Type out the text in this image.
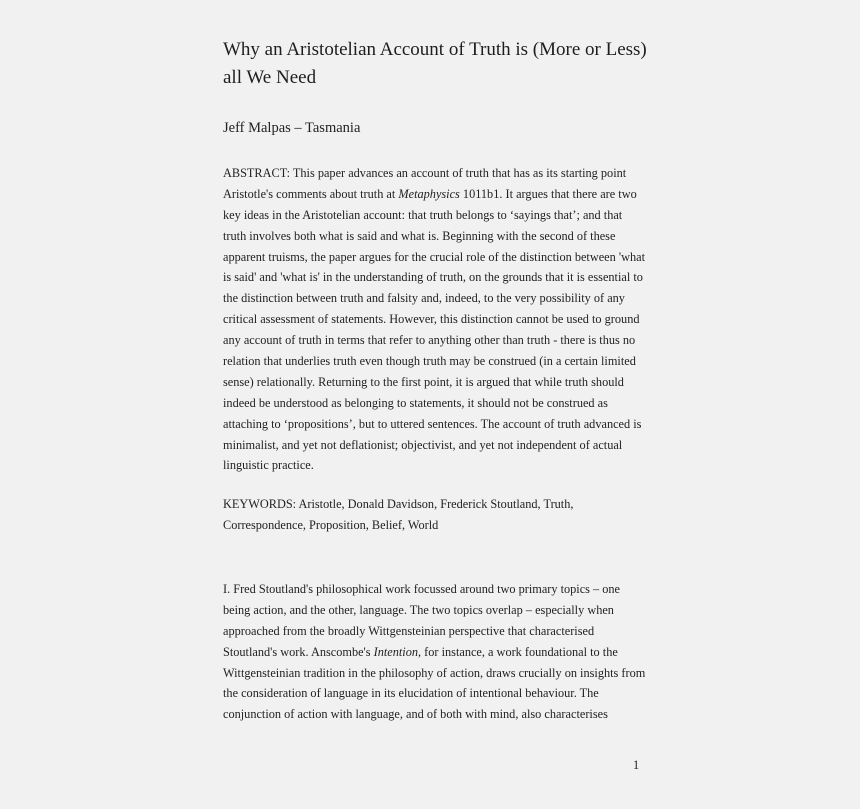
Why an Aristotelian Account of Truth is (More or Less)
all We Need
Jeff Malpas – Tasmania
ABSTRACT: This paper advances an account of truth that has as its starting point
Aristotle's comments about truth at Metaphysics 1011b1. It argues that there are two
key ideas in the Aristotelian account: that truth belongs to ‘sayings that’; and that
truth involves both what is said and what is. Beginning with the second of these
apparent truisms, the paper argues for the crucial role of the distinction between 'what
is said' and 'what is' in the understanding of truth, on the grounds that it is essential to
the distinction between truth and falsity and, indeed, to the very possibility of any
critical assessment of statements. However, this distinction cannot be used to ground
any account of truth in terms that refer to anything other than truth - there is thus no
relation that underlies truth even though truth may be construed (in a certain limited
sense) relationally. Returning to the first point, it is argued that while truth should
indeed be understood as belonging to statements, it should not be construed as
attaching to ‘propositions’, but to uttered sentences. The account of truth advanced is
minimalist, and yet not deflationist; objectivist, and yet not independent of actual
linguistic practice.
KEYWORDS: Aristotle, Donald Davidson, Frederick Stoutland, Truth,
Correspondence, Proposition, Belief, World
I. Fred Stoutland's philosophical work focussed around two primary topics – one
being action, and the other, language. The two topics overlap – especially when
approached from the broadly Wittgensteinian perspective that characterised
Stoutland's work. Anscombe's Intention, for instance, a work foundational to the
Wittgensteinian tradition in the philosophy of action, draws crucially on insights from
the consideration of language in its elucidation of intentional behaviour. The
conjunction of action with language, and of both with mind, also characterises
1
